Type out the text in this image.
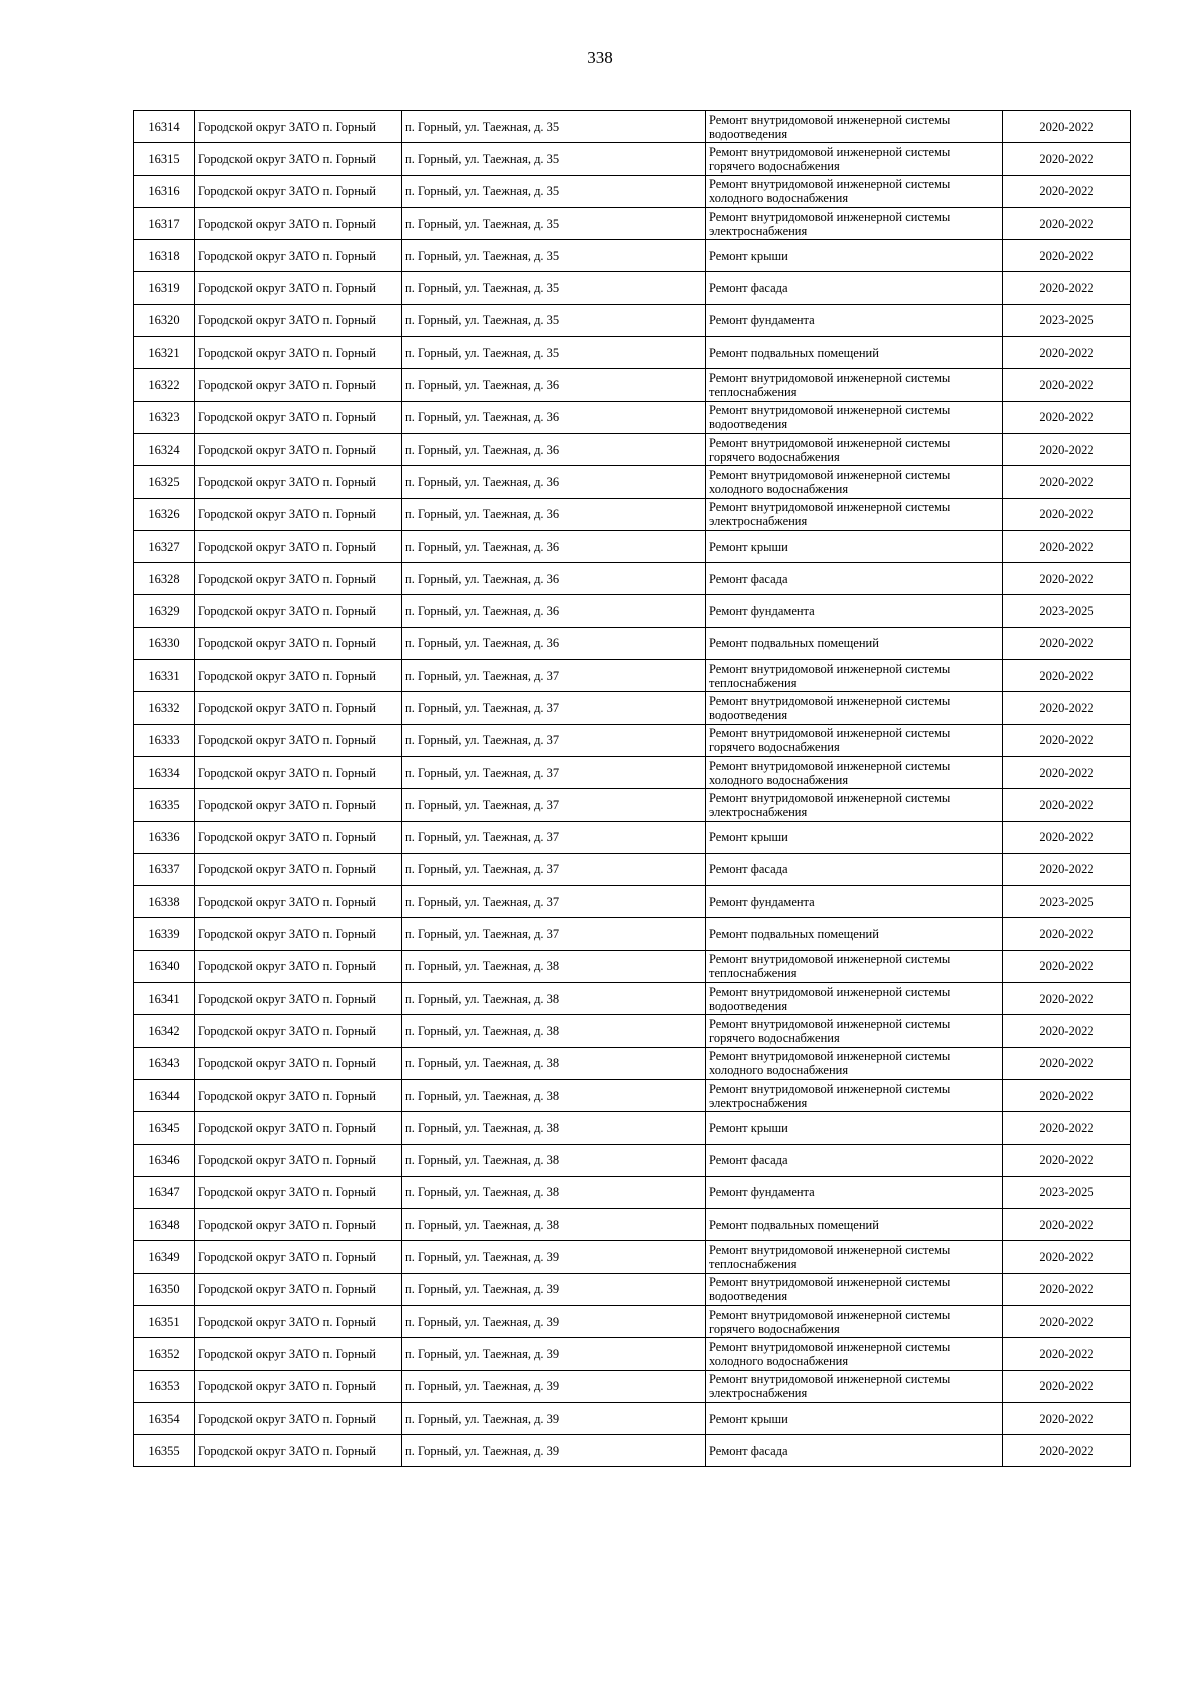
338
16314	Городской округ ЗАТО п. Горный	п. Горный, ул. Таежная, д. 35	Ремонт внутридомовой инженерной системы водоотведения	2020-2022
16315	Городской округ ЗАТО п. Горный	п. Горный, ул. Таежная, д. 35	Ремонт внутридомовой инженерной системы горячего водоснабжения	2020-2022
16316	Городской округ ЗАТО п. Горный	п. Горный, ул. Таежная, д. 35	Ремонт внутридомовой инженерной системы холодного водоснабжения	2020-2022
16317	Городской округ ЗАТО п. Горный	п. Горный, ул. Таежная, д. 35	Ремонт внутридомовой инженерной системы электроснабжения	2020-2022
16318	Городской округ ЗАТО п. Горный	п. Горный, ул. Таежная, д. 35	Ремонт крыши	2020-2022
16319	Городской округ ЗАТО п. Горный	п. Горный, ул. Таежная, д. 35	Ремонт фасада	2020-2022
16320	Городской округ ЗАТО п. Горный	п. Горный, ул. Таежная, д. 35	Ремонт фундамента	2023-2025
16321	Городской округ ЗАТО п. Горный	п. Горный, ул. Таежная, д. 35	Ремонт подвальных помещений	2020-2022
16322	Городской округ ЗАТО п. Горный	п. Горный, ул. Таежная, д. 36	Ремонт внутридомовой инженерной системы теплоснабжения	2020-2022
16323	Городской округ ЗАТО п. Горный	п. Горный, ул. Таежная, д. 36	Ремонт внутридомовой инженерной системы водоотведения	2020-2022
16324	Городской округ ЗАТО п. Горный	п. Горный, ул. Таежная, д. 36	Ремонт внутридомовой инженерной системы горячего водоснабжения	2020-2022
16325	Городской округ ЗАТО п. Горный	п. Горный, ул. Таежная, д. 36	Ремонт внутридомовой инженерной системы холодного водоснабжения	2020-2022
16326	Городской округ ЗАТО п. Горный	п. Горный, ул. Таежная, д. 36	Ремонт внутридомовой инженерной системы электроснабжения	2020-2022
16327	Городской округ ЗАТО п. Горный	п. Горный, ул. Таежная, д. 36	Ремонт крыши	2020-2022
16328	Городской округ ЗАТО п. Горный	п. Горный, ул. Таежная, д. 36	Ремонт фасада	2020-2022
16329	Городской округ ЗАТО п. Горный	п. Горный, ул. Таежная, д. 36	Ремонт фундамента	2023-2025
16330	Городской округ ЗАТО п. Горный	п. Горный, ул. Таежная, д. 36	Ремонт подвальных помещений	2020-2022
16331	Городской округ ЗАТО п. Горный	п. Горный, ул. Таежная, д. 37	Ремонт внутридомовой инженерной системы теплоснабжения	2020-2022
16332	Городской округ ЗАТО п. Горный	п. Горный, ул. Таежная, д. 37	Ремонт внутридомовой инженерной системы водоотведения	2020-2022
16333	Городской округ ЗАТО п. Горный	п. Горный, ул. Таежная, д. 37	Ремонт внутридомовой инженерной системы горячего водоснабжения	2020-2022
16334	Городской округ ЗАТО п. Горный	п. Горный, ул. Таежная, д. 37	Ремонт внутридомовой инженерной системы холодного водоснабжения	2020-2022
16335	Городской округ ЗАТО п. Горный	п. Горный, ул. Таежная, д. 37	Ремонт внутридомовой инженерной системы электроснабжения	2020-2022
16336	Городской округ ЗАТО п. Горный	п. Горный, ул. Таежная, д. 37	Ремонт крыши	2020-2022
16337	Городской округ ЗАТО п. Горный	п. Горный, ул. Таежная, д. 37	Ремонт фасада	2020-2022
16338	Городской округ ЗАТО п. Горный	п. Горный, ул. Таежная, д. 37	Ремонт фундамента	2023-2025
16339	Городской округ ЗАТО п. Горный	п. Горный, ул. Таежная, д. 37	Ремонт подвальных помещений	2020-2022
16340	Городской округ ЗАТО п. Горный	п. Горный, ул. Таежная, д. 38	Ремонт внутридомовой инженерной системы теплоснабжения	2020-2022
16341	Городской округ ЗАТО п. Горный	п. Горный, ул. Таежная, д. 38	Ремонт внутридомовой инженерной системы водоотведения	2020-2022
16342	Городской округ ЗАТО п. Горный	п. Горный, ул. Таежная, д. 38	Ремонт внутридомовой инженерной системы горячего водоснабжения	2020-2022
16343	Городской округ ЗАТО п. Горный	п. Горный, ул. Таежная, д. 38	Ремонт внутридомовой инженерной системы холодного водоснабжения	2020-2022
16344	Городской округ ЗАТО п. Горный	п. Горный, ул. Таежная, д. 38	Ремонт внутридомовой инженерной системы электроснабжения	2020-2022
16345	Городской округ ЗАТО п. Горный	п. Горный, ул. Таежная, д. 38	Ремонт крыши	2020-2022
16346	Городской округ ЗАТО п. Горный	п. Горный, ул. Таежная, д. 38	Ремонт фасада	2020-2022
16347	Городской округ ЗАТО п. Горный	п. Горный, ул. Таежная, д. 38	Ремонт фундамента	2023-2025
16348	Городской округ ЗАТО п. Горный	п. Горный, ул. Таежная, д. 38	Ремонт подвальных помещений	2020-2022
16349	Городской округ ЗАТО п. Горный	п. Горный, ул. Таежная, д. 39	Ремонт внутридомовой инженерной системы теплоснабжения	2020-2022
16350	Городской округ ЗАТО п. Горный	п. Горный, ул. Таежная, д. 39	Ремонт внутридомовой инженерной системы водоотведения	2020-2022
16351	Городской округ ЗАТО п. Горный	п. Горный, ул. Таежная, д. 39	Ремонт внутридомовой инженерной системы горячего водоснабжения	2020-2022
16352	Городской округ ЗАТО п. Горный	п. Горный, ул. Таежная, д. 39	Ремонт внутридомовой инженерной системы холодного водоснабжения	2020-2022
16353	Городской округ ЗАТО п. Горный	п. Горный, ул. Таежная, д. 39	Ремонт внутридомовой инженерной системы электроснабжения	2020-2022
16354	Городской округ ЗАТО п. Горный	п. Горный, ул. Таежная, д. 39	Ремонт крыши	2020-2022
16355	Городской округ ЗАТО п. Горный	п. Горный, ул. Таежная, д. 39	Ремонт фасада	2020-2022
